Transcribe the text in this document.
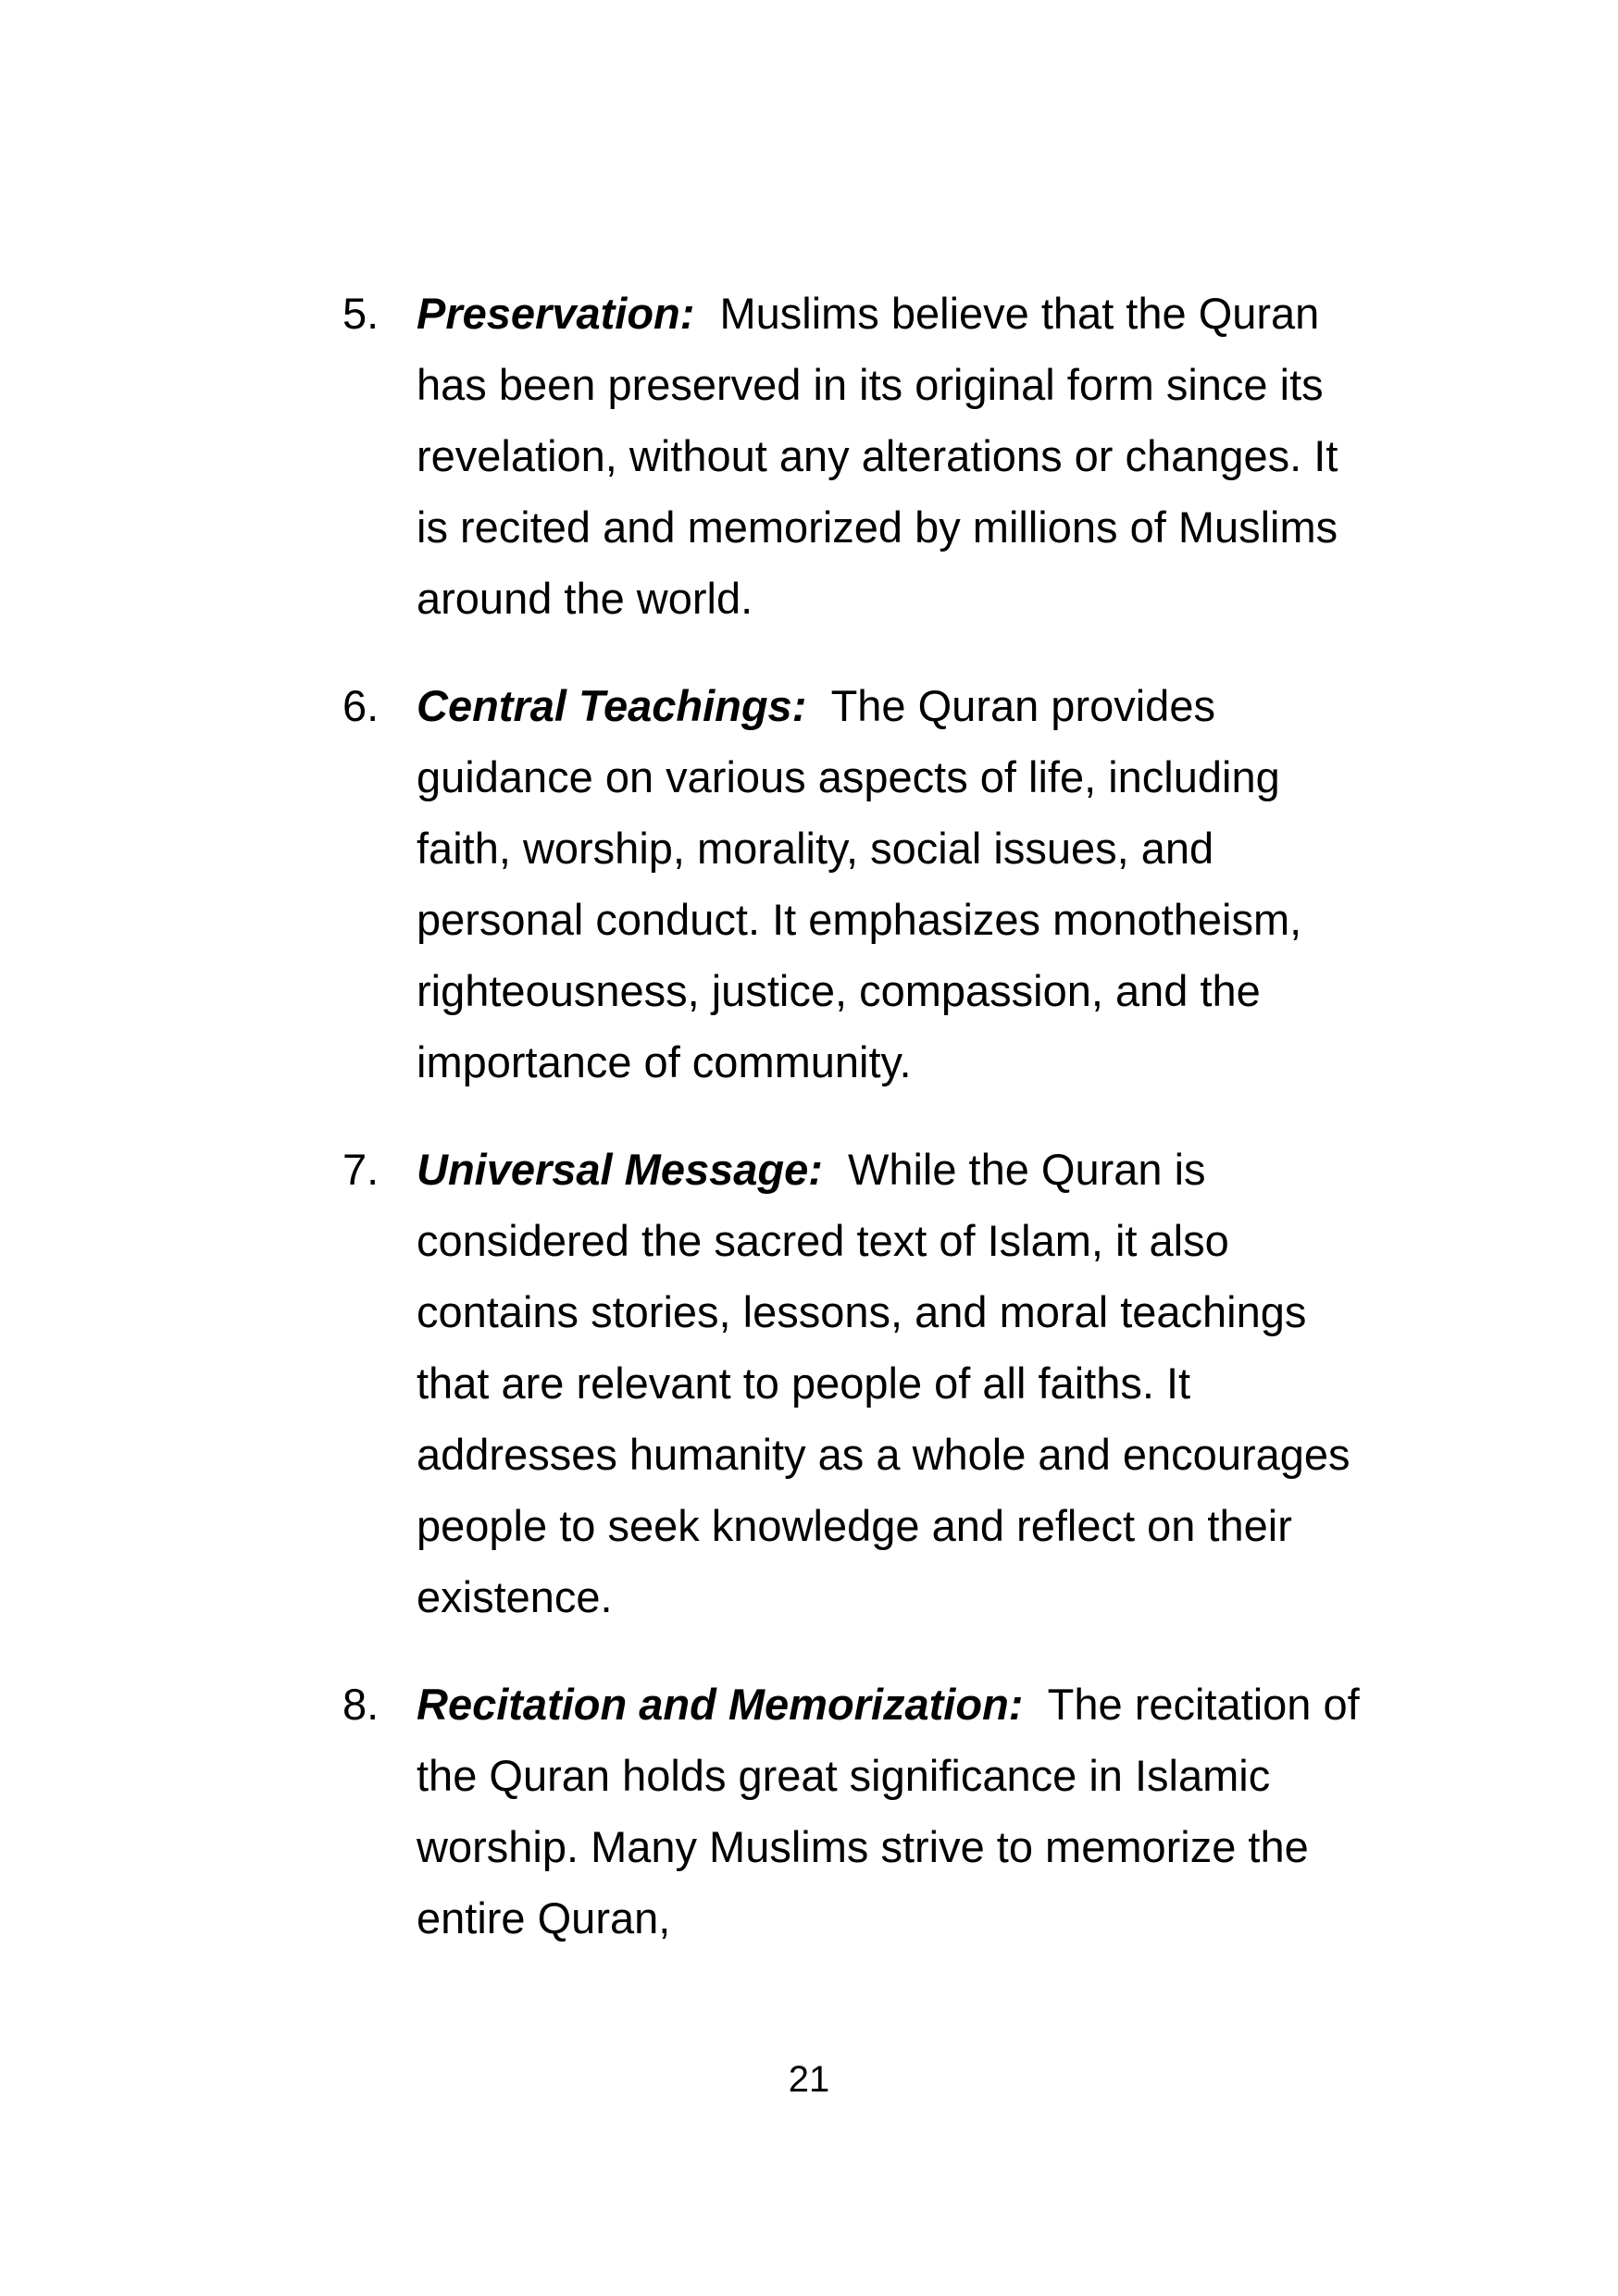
5. Preservation: Muslims believe that the Quran has been preserved in its original form since its revelation, without any alterations or changes. It is recited and memorized by millions of Muslims around the world.
6. Central Teachings: The Quran provides guidance on various aspects of life, including faith, worship, morality, social issues, and personal conduct. It emphasizes monotheism, righteousness, justice, compassion, and the importance of community.
7. Universal Message: While the Quran is considered the sacred text of Islam, it also contains stories, lessons, and moral teachings that are relevant to people of all faiths. It addresses humanity as a whole and encourages people to seek knowledge and reflect on their existence.
8. Recitation and Memorization: The recitation of the Quran holds great significance in Islamic worship. Many Muslims strive to memorize the entire Quran,
21
